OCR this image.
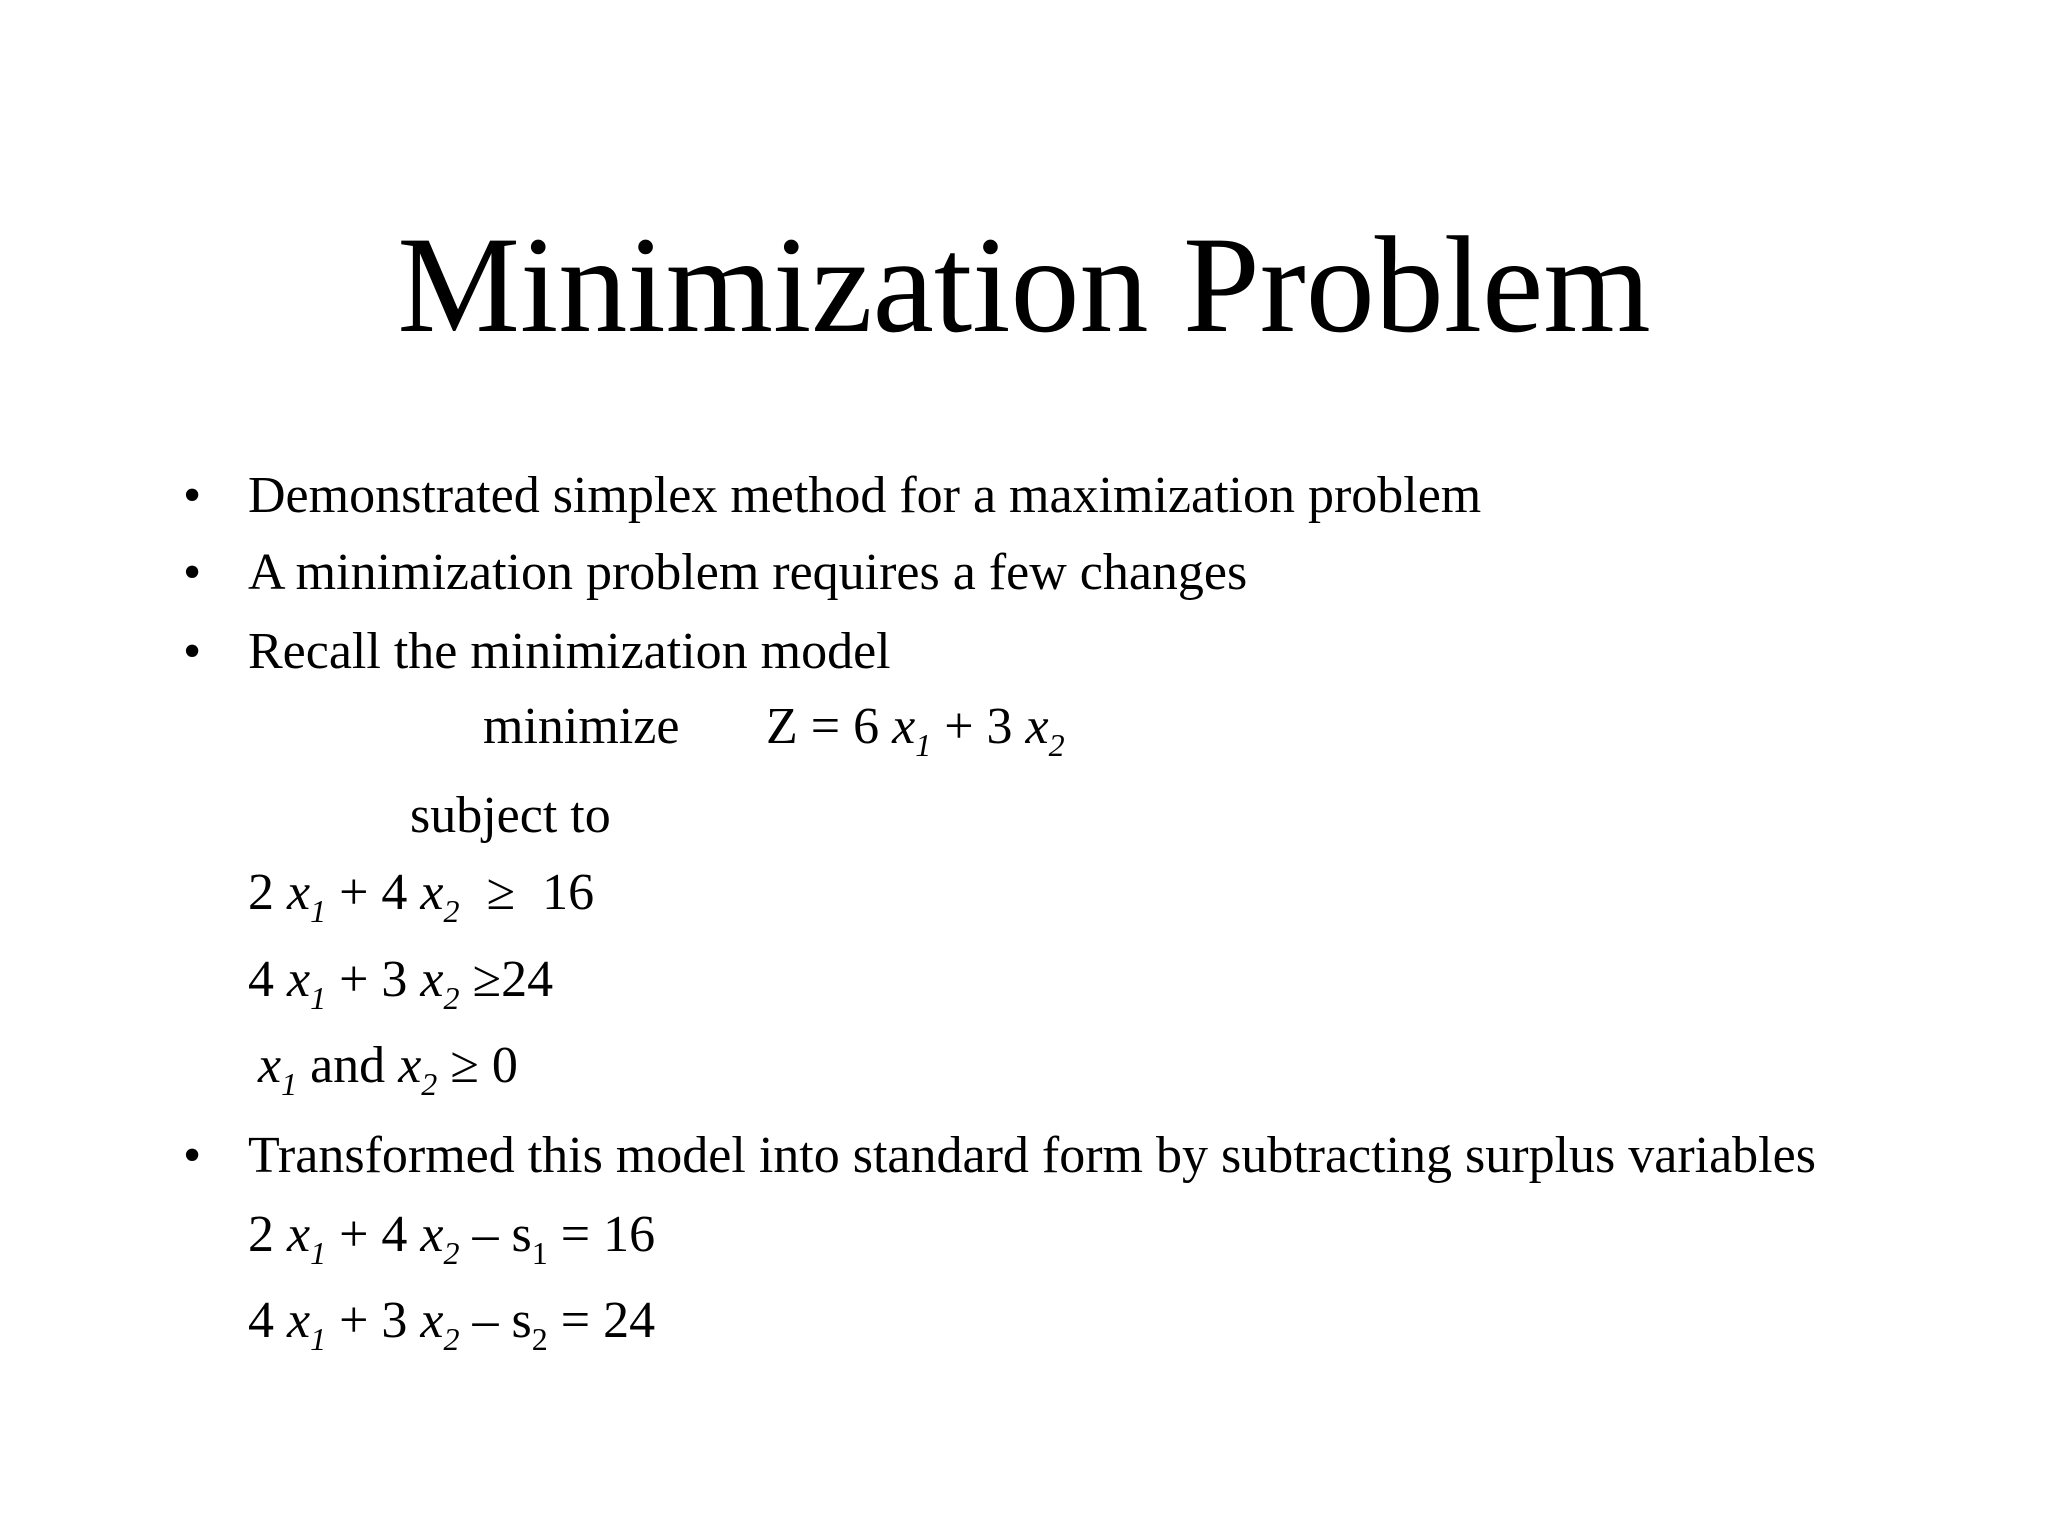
Minimization Problem
• Demonstrated simplex method for a maximization problem
• A minimization problem requires a few changes
• Recall the minimization model
minimize Z = 6 $x_1 + 3$ $x_2$
subject to
2 $x_1 + 4$ $x_2 \ge 16$
4 $x_1 + 3$ $x_2 \ge 24$
$x_1$ and $x_2 \ge 0$
• Transformed this model into standard form by subtracting surplus variables
2 $x_1 + 4$ $x_2 - s_1 = 16$
4 $x_1 + 3$ $x_2 - s_2 = 24$
